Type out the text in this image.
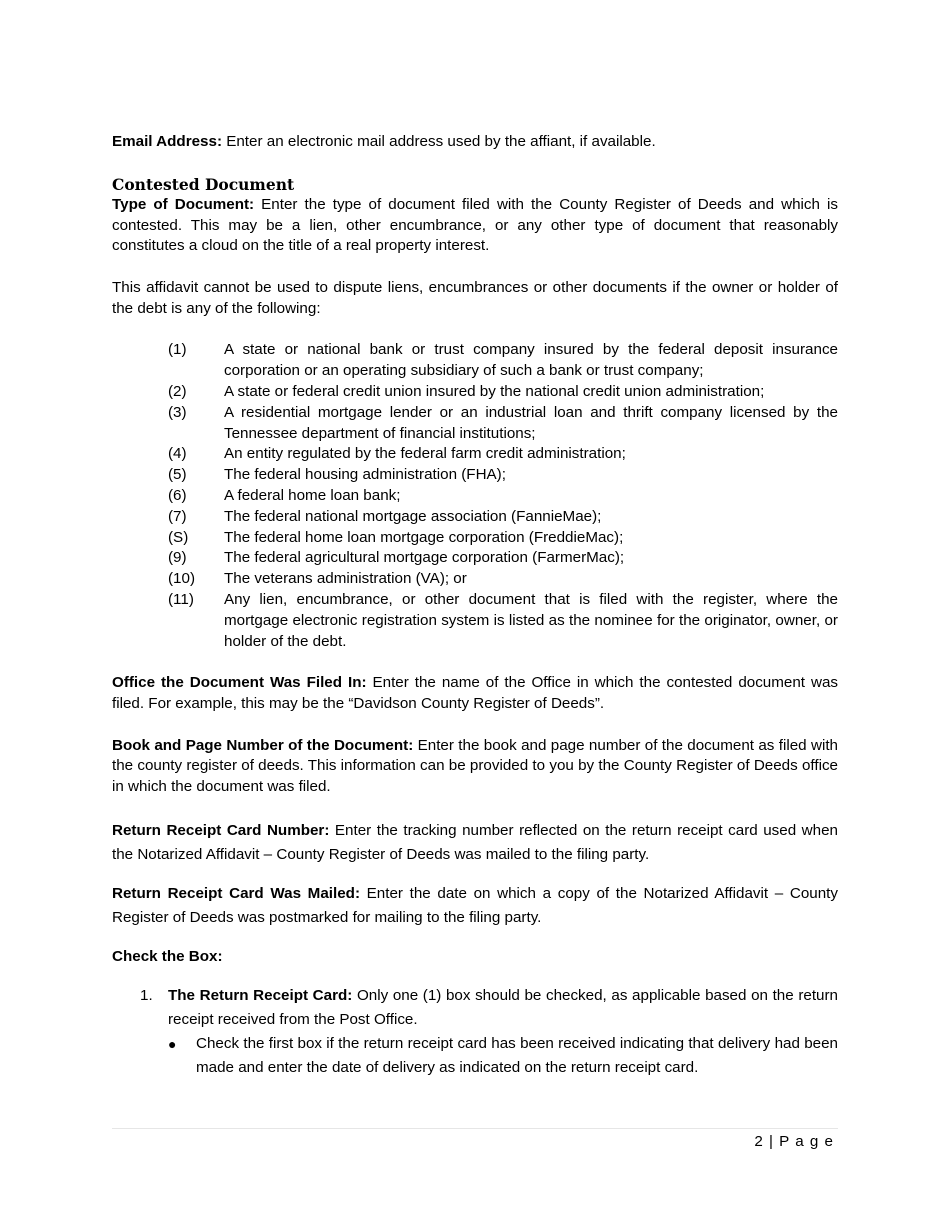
Email Address: Enter an electronic mail address used by the affiant, if available.

Contested Document

Type of Document: Enter the type of document filed with the County Register of Deeds and which is contested. This may be a lien, other encumbrance, or any other type of document that reasonably constitutes a cloud on the title of a real property interest.

This affidavit cannot be used to dispute liens, encumbrances or other documents if the owner or holder of the debt is any of the following:

(1)	A state or national bank or trust company insured by the federal deposit insurance corporation or an operating subsidiary of such a bank or trust company;
(2)	A state or federal credit union insured by the national credit union administration;
(3)	A residential mortgage lender or an industrial loan and thrift company licensed by the Tennessee department of financial institutions;
(4)	An entity regulated by the federal farm credit administration;
(5)	The federal housing administration (FHA);
(6)	A federal home loan bank;
(7)	The federal national mortgage association (FannieMae);
(S)	The federal home loan mortgage corporation (FreddieMac);
(9)	The federal agricultural mortgage corporation (FarmerMac);
(10)	The veterans administration (VA); or
(11)	Any lien, encumbrance, or other document that is filed with the register, where the mortgage electronic registration system is listed as the nominee for the originator, owner, or holder of the debt.

Office the Document Was Filed In: Enter the name of the Office in which the contested document was filed. For example, this may be the “Davidson County Register of Deeds”.

Book and Page Number of the Document: Enter the book and page number of the document as filed with the county register of deeds. This information can be provided to you by the County Register of Deeds office in which the document was filed.

Return Receipt Card Number: Enter the tracking number reflected on the return receipt card used when the Notarized Affidavit – County Register of Deeds was mailed to the filing party.

Return Receipt Card Was Mailed: Enter the date on which a copy of the Notarized Affidavit – County Register of Deeds was postmarked for mailing to the filing party.

Check the Box:

1.	The Return Receipt Card: Only one (1) box should be checked, as applicable based on the return receipt received from the Post Office.
●	Check the first box if the return receipt card has been received indicating that delivery had been made and enter the date of delivery as indicated on the return receipt card.
2 | P a g e
